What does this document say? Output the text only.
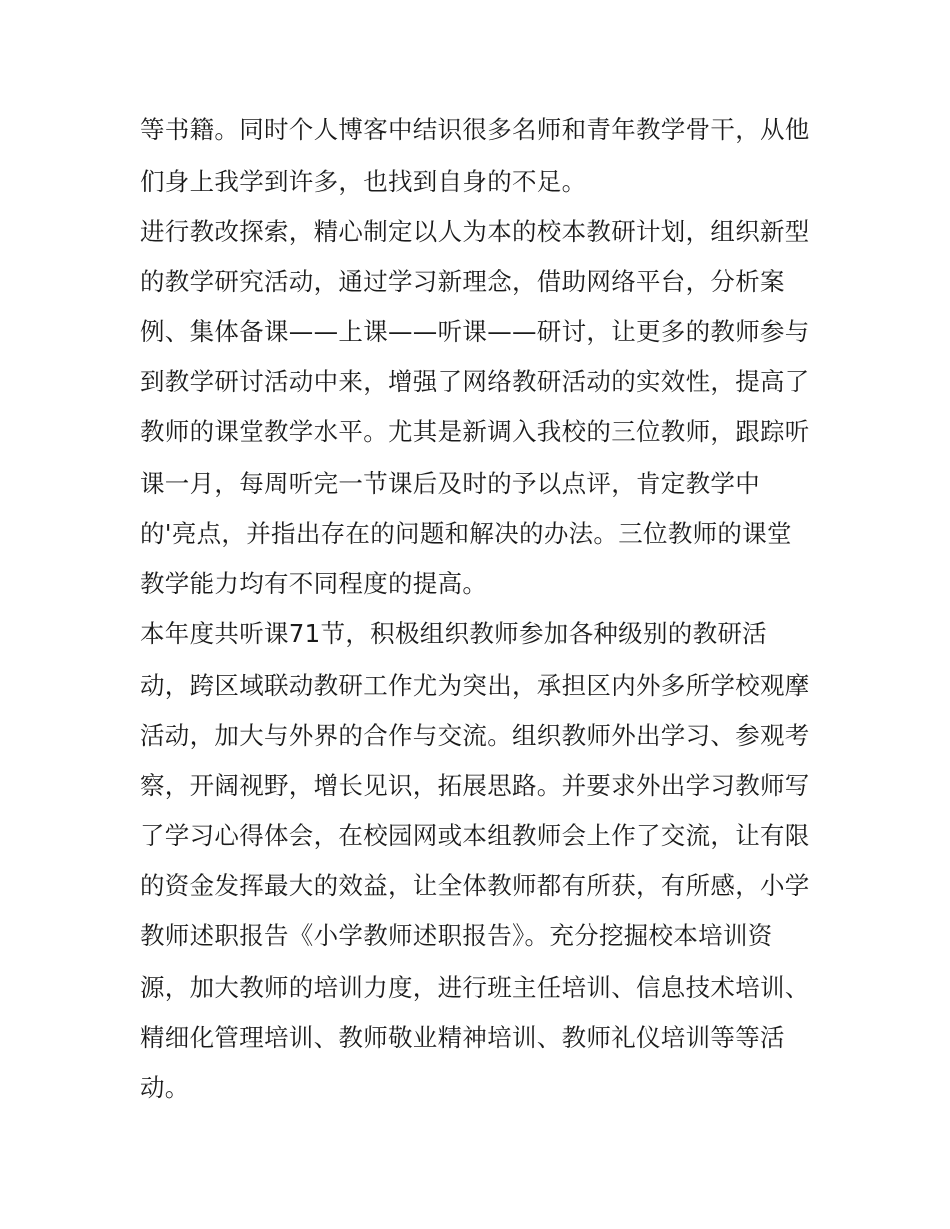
等书籍。同时个人博客中结识很多名师和青年教学骨干，从他
们身上我学到许多，也找到自身的不足。
进行教改探索，精心制定以人为本的校本教研计划，组织新型
的教学研究活动，通过学习新理念，借助网络平台，分析案
例、集体备课——上课——听课——研讨，让更多的教师参与
到教学研讨活动中来，增强了网络教研活动的实效性，提高了
教师的课堂教学水平。尤其是新调入我校的三位教师，跟踪听
课一月，每周听完一节课后及时的予以点评，肯定教学中
的'亮点，并指出存在的问题和解决的办法。三位教师的课堂
教学能力均有不同程度的提高。
本年度共听课71节，积极组织教师参加各种级别的教研活
动，跨区域联动教研工作尤为突出，承担区内外多所学校观摩
活动，加大与外界的合作与交流。组织教师外出学习、参观考
察，开阔视野，增长见识，拓展思路。并要求外出学习教师写
了学习心得体会，在校园网或本组教师会上作了交流，让有限
的资金发挥最大的效益，让全体教师都有所获，有所感，小学
教师述职报告《小学教师述职报告》。充分挖掘校本培训资
源，加大教师的培训力度，进行班主任培训、信息技术培训、
精细化管理培训、教师敬业精神培训、教师礼仪培训等等活
动。
